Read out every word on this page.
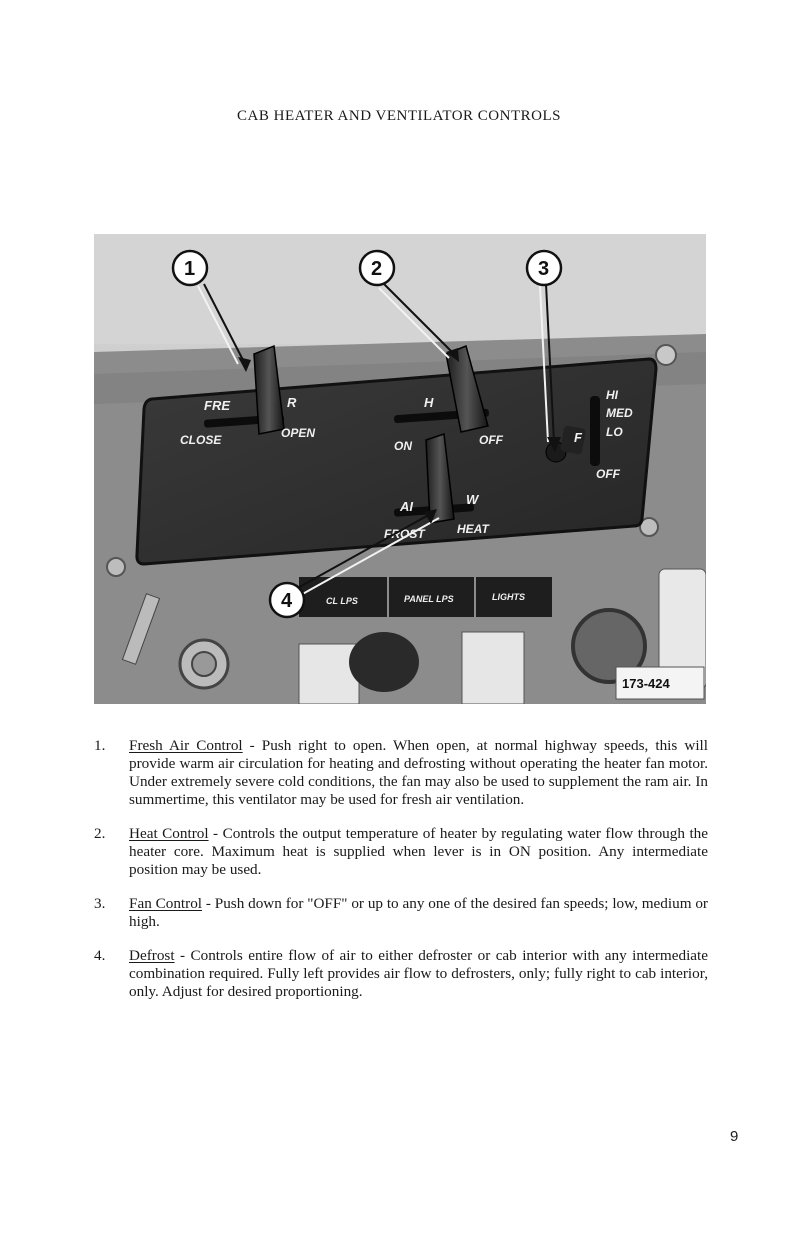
CAB HEATER AND VENTILATOR CONTROLS
FRE	R
CLOSE	OPEN
H
ON	OFF	F
HI
MED
LO
OFF
AI	W
FROST	HEAT
CL LPS	PANEL LPS	LIGHTS
173-424
1	2	3
4
1. Fresh Air Control - Push right to open. When open, at normal highway speeds, this will provide warm air circulation for heating and defrosting without operating the heater fan motor. Under extremely severe cold conditions, the fan may also be used to supplement the ram air. In summertime, this ventilator may be used for fresh air ventilation.
2. Heat Control - Controls the output temperature of heater by regulating water flow through the heater core. Maximum heat is supplied when lever is in ON position. Any intermediate position may be used.
3. Fan Control - Push down for "OFF" or up to any one of the desired fan speeds; low, medium or high.
4. Defrost - Controls entire flow of air to either defroster or cab interior with any intermediate combination required. Fully left provides air flow to defrosters, only; fully right to cab interior, only. Adjust for desired proportioning.
9
